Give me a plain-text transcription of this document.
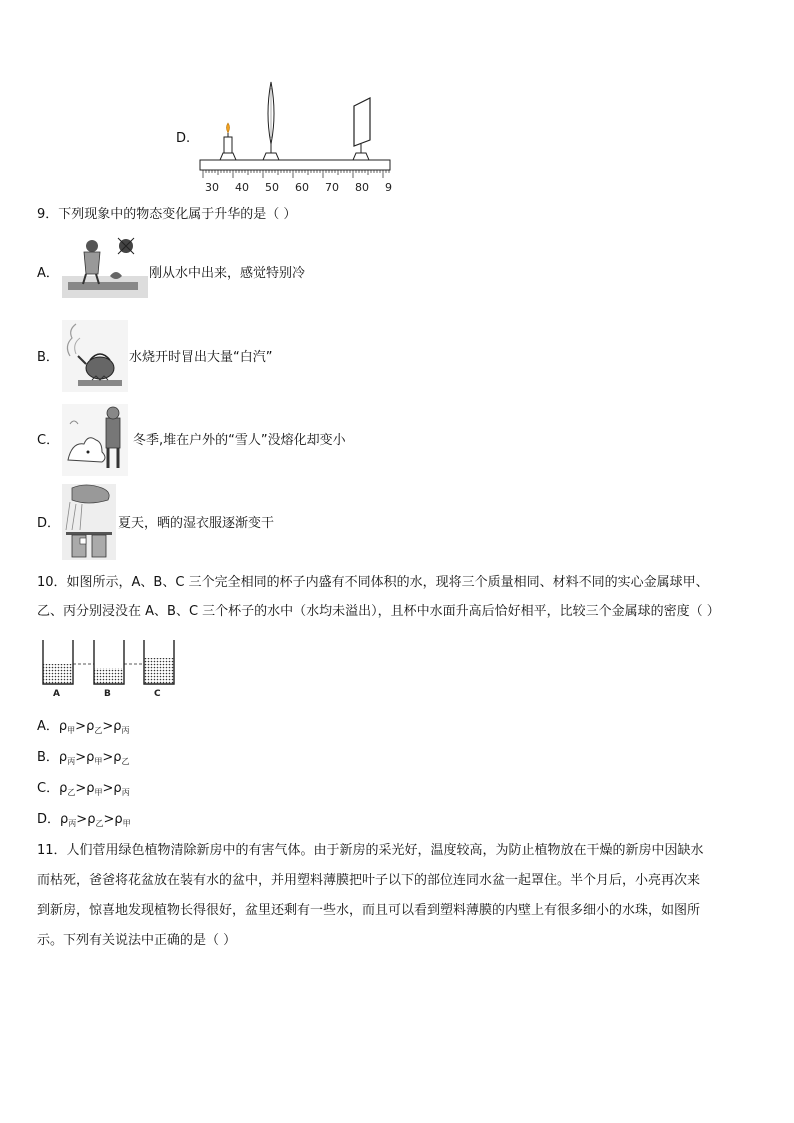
D.
30 40 50 60 70 80 9
9．下列现象中的物态变化属于升华的是（ ）
A．	刚从水中出来，感觉特别冷
B．	水烧开时冒出大量“白汽”
C．	冬季,堆在户外的“雪人”没熔化却变小
D．	夏天，晒的湿衣服逐渐变干
10．如图所示，A、B、C 三个完全相同的杯子内盛有不同体积的水，现将三个质量相同、材料不同的实心金属球甲、
乙、丙分别浸没在 A、B、C 三个杯子的水中（水均未溢出），且杯中水面升高后恰好相平，比较三个金属球的密度（ ）
A	B	C
A．$\rho_甲>\rho_乙>\rho_丙$
B．$\rho_丙>\rho_甲>\rho_乙$
C．$\rho_乙>\rho_甲>\rho_丙$
D．$\rho_丙>\rho_乙>\rho_甲$
11．人们菅用绿色植物清除新房中的有害气体。由于新房的采光好，温度较高，为防止植物放在干燥的新房中因缺水
而枯死，爸爸将花盆放在装有水的盆中，并用塑料薄膜把叶子以下的部位连同水盆一起罩住。半个月后，小亮再次来
到新房，惊喜地发现植物长得很好，盆里还剩有一些水，而且可以看到塑料薄膜的内壁上有很多细小的水珠，如图所
示。下列有关说法中正确的是（ ）
